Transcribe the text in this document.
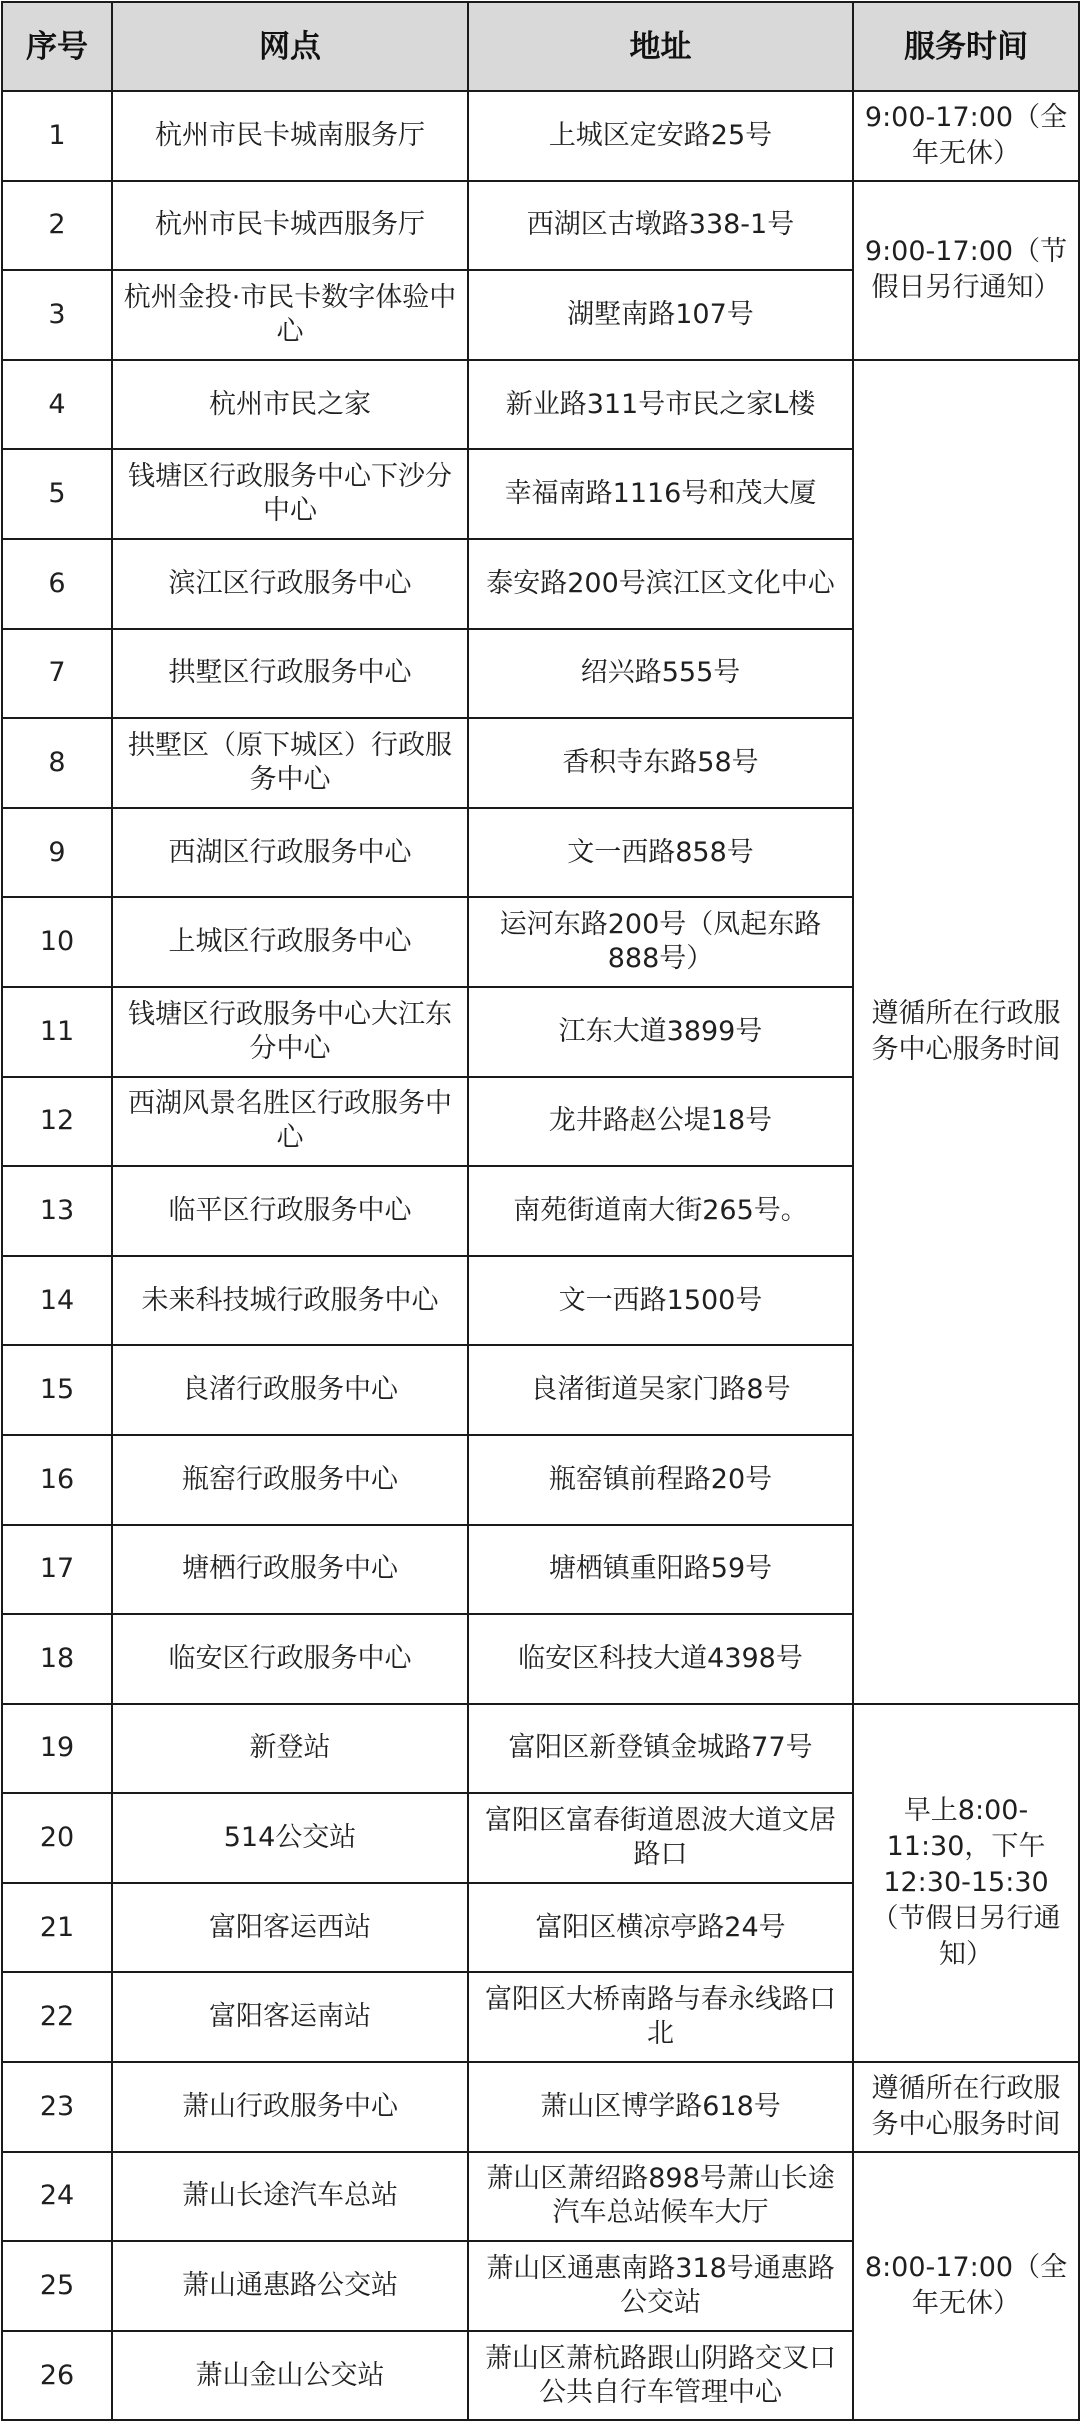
序号	网点	地址	服务时间
1	杭州市民卡城南服务厅	上城区定安路25号	9:00-17:00（全年无休）
2	杭州市民卡城西服务厅	西湖区古墩路338-1号	9:00-17:00（节假日另行通知）
3	杭州金投·市民卡数字体验中心	湖墅南路107号	
4	杭州市民之家	新业路311号市民之家L楼	遵循所在行政服务中心服务时间
5	钱塘区行政服务中心下沙分中心	幸福南路1116号和茂大厦	
6	滨江区行政服务中心	泰安路200号滨江区文化中心	
7	拱墅区行政服务中心	绍兴路555号	
8	拱墅区（原下城区）行政服务中心	香积寺东路58号	
9	西湖区行政服务中心	文一西路858号	
10	上城区行政服务中心	运河东路200号（凤起东路888号）	
11	钱塘区行政服务中心大江东分中心	江东大道3899号	
12	西湖风景名胜区行政服务中心	龙井路赵公堤18号	
13	临平区行政服务中心	南苑街道南大街265号。	
14	未来科技城行政服务中心	文一西路1500号	
15	良渚行政服务中心	良渚街道吴家门路8号	
16	瓶窑行政服务中心	瓶窑镇前程路20号	
17	塘栖行政服务中心	塘栖镇重阳路59号	
18	临安区行政服务中心	临安区科技大道4398号	
19	新登站	富阳区新登镇金城路77号	早上8:00-11:30，下午12:30-15:30（节假日另行通知）
20	514公交站	富阳区富春街道恩波大道文居路口	
21	富阳客运西站	富阳区横凉亭路24号	
22	富阳客运南站	富阳区大桥南路与春永线路口北	
23	萧山行政服务中心	萧山区博学路618号	遵循所在行政服务中心服务时间
24	萧山长途汽车总站	萧山区萧绍路898号萧山长途汽车总站候车大厅	8:00-17:00（全年无休）
25	萧山通惠路公交站	萧山区通惠南路318号通惠路公交站	
26	萧山金山公交站	萧山区萧杭路跟山阴路交叉口公共自行车管理中心	
